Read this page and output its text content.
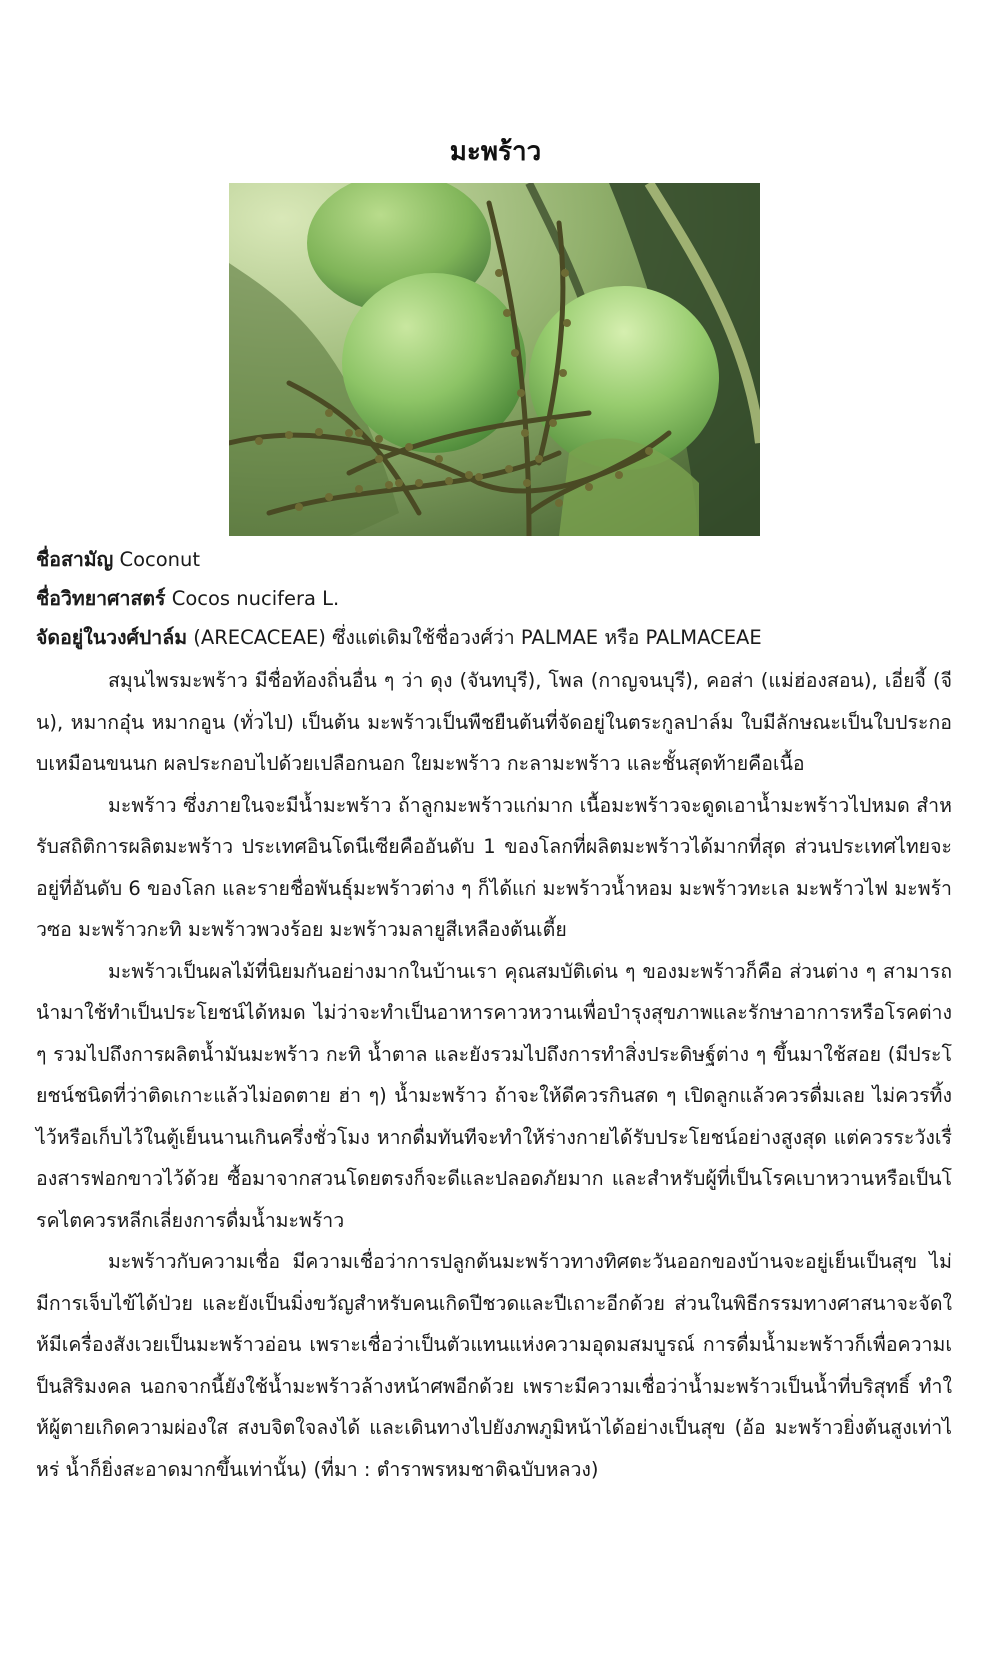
มะพร้าว
ชื่อสามัญ Coconut
ชื่อวิทยาศาสตร์ Cocos nucifera L.
จัดอยู่ในวงศ์ปาล์ม (ARECACEAE) ซึ่งแต่เดิมใช้ชื่อวงศ์ว่า PALMAE หรือ PALMACEAE

สมุนไพรมะพร้าว มีชื่อท้องถิ่นอื่น ๆ ว่า ดุง (จันทบุรี), โพล (กาญจนบุรี), คอส่า (แม่ฮ่องสอน), เอี่ยจี้ (จีน), หมากอุ๋น หมากอูน (ทั่วไป) เป็นต้น มะพร้าวเป็นพืชยืนต้นที่จัดอยู่ในตระกูลปาล์ม ใบมีลักษณะเป็นใบประกอบเหมือนขนนก ผลประกอบไปด้วยเปลือกนอก ใยมะพร้าว กะลามะพร้าว และชั้นสุดท้ายคือเนื้อ

มะพร้าว ซึ่งภายในจะมีน้ำมะพร้าว ถ้าลูกมะพร้าวแก่มาก เนื้อมะพร้าวจะดูดเอาน้ำมะพร้าวไปหมด สำหรับสถิติการผลิตมะพร้าว ประเทศอินโดนีเซียคืออันดับ 1 ของโลกที่ผลิตมะพร้าวได้มากที่สุด ส่วนประเทศไทยจะอยู่ที่อันดับ 6 ของโลก และรายชื่อพันธุ์มะพร้าวต่าง ๆ ก็ได้แก่ มะพร้าวน้ำหอม มะพร้าวทะเล มะพร้าวไฟ มะพร้าวซอ มะพร้าวกะทิ มะพร้าวพวงร้อย มะพร้าวมลายูสีเหลืองต้นเตี้ย

มะพร้าวเป็นผลไม้ที่นิยมกันอย่างมากในบ้านเรา คุณสมบัติเด่น ๆ ของมะพร้าวก็คือ ส่วนต่าง ๆ สามารถนำมาใช้ทำเป็นประโยชน์ได้หมด ไม่ว่าจะทำเป็นอาหารคาวหวานเพื่อบำรุงสุขภาพและรักษาอาการหรือโรคต่าง ๆ รวมไปถึงการผลิตน้ำมันมะพร้าว กะทิ น้ำตาล และยังรวมไปถึงการทำสิ่งประดิษฐ์ต่าง ๆ ขึ้นมาใช้สอย (มีประโยชน์ชนิดที่ว่าติดเกาะแล้วไม่อดตาย ฮ่า ๆ) น้ำมะพร้าว ถ้าจะให้ดีควรกินสด ๆ เปิดลูกแล้วควรดื่มเลย ไม่ควรทิ้งไว้หรือเก็บไว้ในตู้เย็นนานเกินครึ่งชั่วโมง หากดื่มทันทีจะทำให้ร่างกายได้รับประโยชน์อย่างสูงสุด แต่ควรระวังเรื่องสารฟอกขาวไว้ด้วย ซื้อมาจากสวนโดยตรงก็จะดีและปลอดภัยมาก และสำหรับผู้ที่เป็นโรคเบาหวานหรือเป็นโรคไตควรหลีกเลี่ยงการดื่มน้ำมะพร้าว

มะพร้าวกับความเชื่อ มีความเชื่อว่าการปลูกต้นมะพร้าวทางทิศตะวันออกของบ้านจะอยู่เย็นเป็นสุข ไม่มีการเจ็บไข้ได้ป่วย และยังเป็นมิ่งขวัญสำหรับคนเกิดปีชวดและปีเถาะอีกด้วย ส่วนในพิธีกรรมทางศาสนาจะจัดให้มีเครื่องสังเวยเป็นมะพร้าวอ่อน เพราะเชื่อว่าเป็นตัวแทนแห่งความอุดมสมบูรณ์ การดื่มน้ำมะพร้าวก็เพื่อความเป็นสิริมงคล นอกจากนี้ยังใช้น้ำมะพร้าวล้างหน้าศพอีกด้วย เพราะมีความเชื่อว่าน้ำมะพร้าวเป็นน้ำที่บริสุทธิ์ ทำให้ผู้ตายเกิดความผ่องใส สงบจิตใจลงได้ และเดินทางไปยังภพภูมิหน้าได้อย่างเป็นสุข (อ้อ มะพร้าวยิ่งต้นสูงเท่าไหร่ น้ำก็ยิ่งสะอาดมากขึ้นเท่านั้น) (ที่มา : ตำราพรหมชาติฉบับหลวง)
